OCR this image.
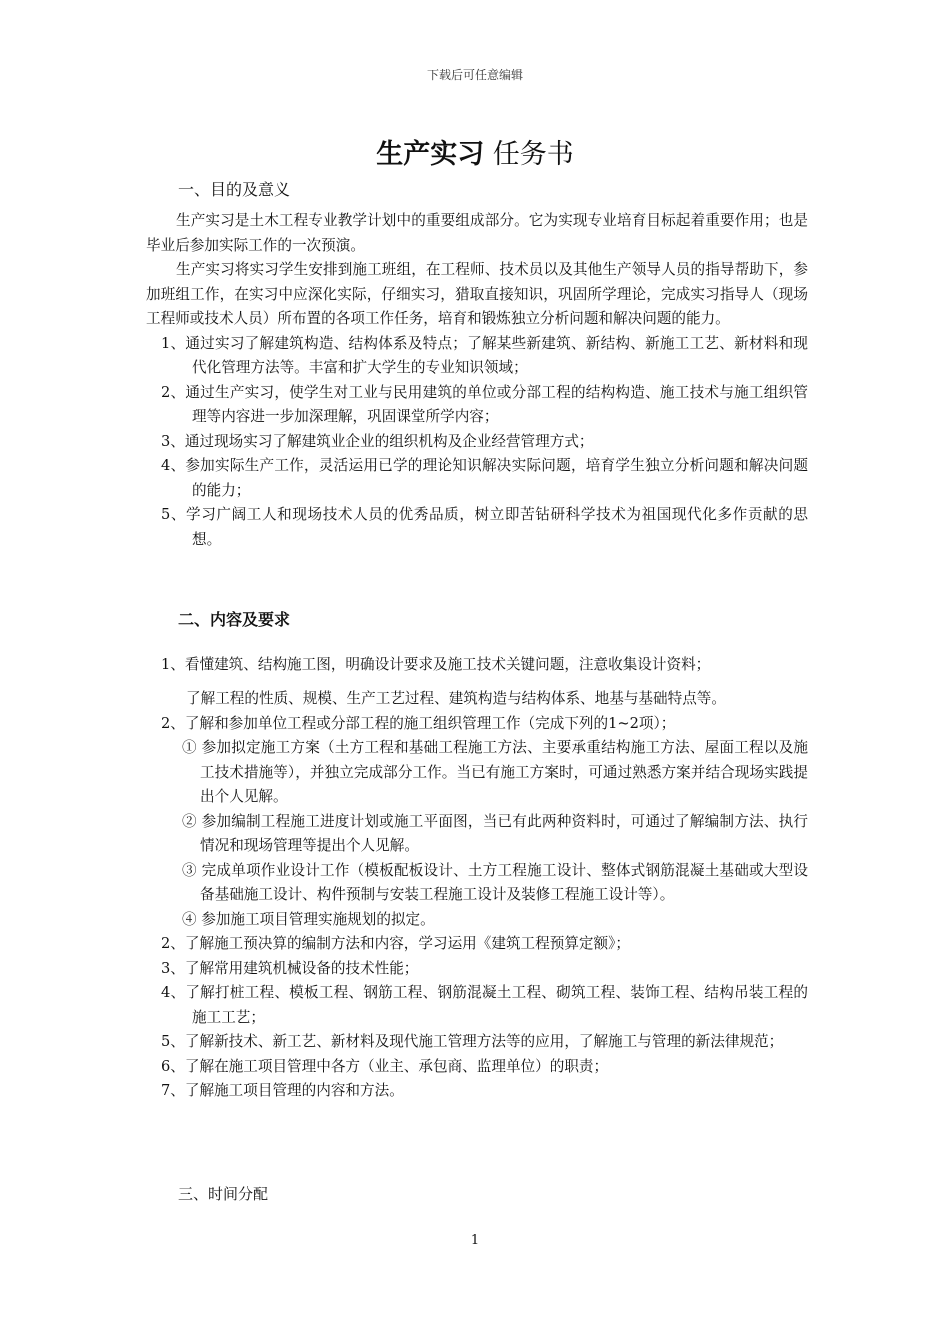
下载后可任意编辑
生产实习 任务书
一、目的及意义
生产实习是土木工程专业教学计划中的重要组成部分。它为实现专业培育目标起着重要作用；也是毕业后参加实际工作的一次预演。
生产实习将实习学生安排到施工班组，在工程师、技术员以及其他生产领导人员的指导帮助下，参加班组工作，在实习中应深化实际，仔细实习，猎取直接知识，巩固所学理论，完成实习指导人（现场工程师或技术人员）所布置的各项工作任务，培育和锻炼独立分析问题和解决问题的能力。
1、通过实习了解建筑构造、结构体系及特点；了解某些新建筑、新结构、新施工工艺、新材料和现代化管理方法等。丰富和扩大学生的专业知识领域；
2、通过生产实习，使学生对工业与民用建筑的单位或分部工程的结构构造、施工技术与施工组织管理等内容进一步加深理解，巩固课堂所学内容；
3、通过现场实习了解建筑业企业的组织机构及企业经营管理方式；
4、参加实际生产工作，灵活运用已学的理论知识解决实际问题，培育学生独立分析问题和解决问题的能力；
5、学习广阔工人和现场技术人员的优秀品质，树立即苦钻研科学技术为祖国现代化多作贡献的思想。
二、内容及要求
1、看懂建筑、结构施工图，明确设计要求及施工技术关键问题，注意收集设计资料；
了解工程的性质、规模、生产工艺过程、建筑构造与结构体系、地基与基础特点等。
2、了解和参加单位工程或分部工程的施工组织管理工作（完成下列的1~2项）；
① 参加拟定施工方案（土方工程和基础工程施工方法、主要承重结构施工方法、屋面工程以及施工技术措施等），并独立完成部分工作。当已有施工方案时，可通过熟悉方案并结合现场实践提出个人见解。
② 参加编制工程施工进度计划或施工平面图，当已有此两种资料时，可通过了解编制方法、执行情况和现场管理等提出个人见解。
③ 完成单项作业设计工作（模板配板设计、土方工程施工设计、整体式钢筋混凝土基础或大型设备基础施工设计、构件预制与安装工程施工设计及装修工程施工设计等）。
④ 参加施工项目管理实施规划的拟定。
2、了解施工预决算的编制方法和内容，学习运用《建筑工程预算定额》；
3、了解常用建筑机械设备的技术性能；
4、了解打桩工程、模板工程、钢筋工程、钢筋混凝土工程、砌筑工程、装饰工程、结构吊装工程的施工工艺；
5、了解新技术、新工艺、新材料及现代施工管理方法等的应用，了解施工与管理的新法律规范；
6、了解在施工项目管理中各方（业主、承包商、监理单位）的职责；
7、了解施工项目管理的内容和方法。
三、时间分配
1
